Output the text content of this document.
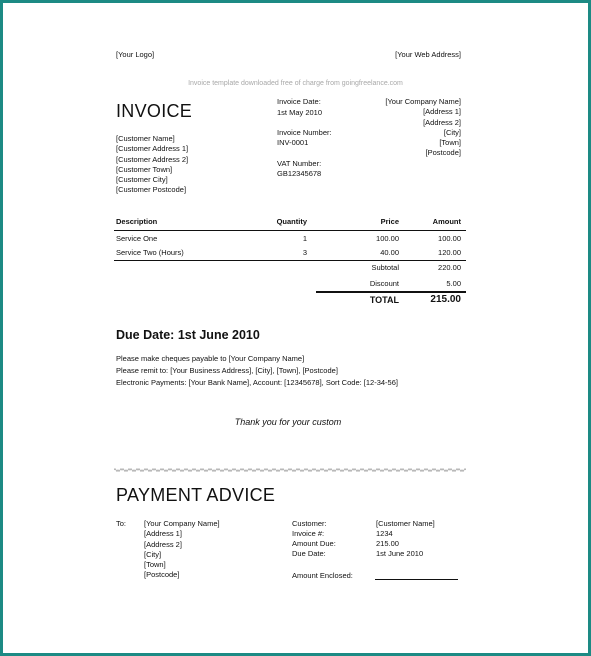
[Your Logo]	[Your Web Address]
Invoice template downloaded free of charge from goingfreelance.com
INVOICE
[Customer Name]
[Customer Address 1]
[Customer Address 2]
[Customer Town]
[Customer City]
[Customer Postcode]
Invoice Date:
1st May 2010
Invoice Number:
INV-0001
VAT Number:
GB12345678
[Your Company Name]
[Address 1]
[Address 2]
[City]
[Town]
[Postcode]
Description	Quantity	Price	Amount
Service One	1	100.00	100.00
Service Two (Hours)	3	40.00	120.00
Subtotal	220.00
Discount	5.00
TOTAL	215.00
Due Date: 1st June 2010
Please make cheques payable to [Your Company Name]
Please remit to: [Your Business Address], [City], [Town], [Postcode]
Electronic Payments: [Your Bank Name], Account: [12345678], Sort Code: [12-34-56]
Thank you for your custom
PAYMENT ADVICE
To: [Your Company Name]
[Address 1]
[Address 2]
[City]
[Town]
[Postcode]
Customer:	[Customer Name]
Invoice #:	1234
Amount Due:	215.00
Due Date:	1st June 2010
Amount Enclosed:
